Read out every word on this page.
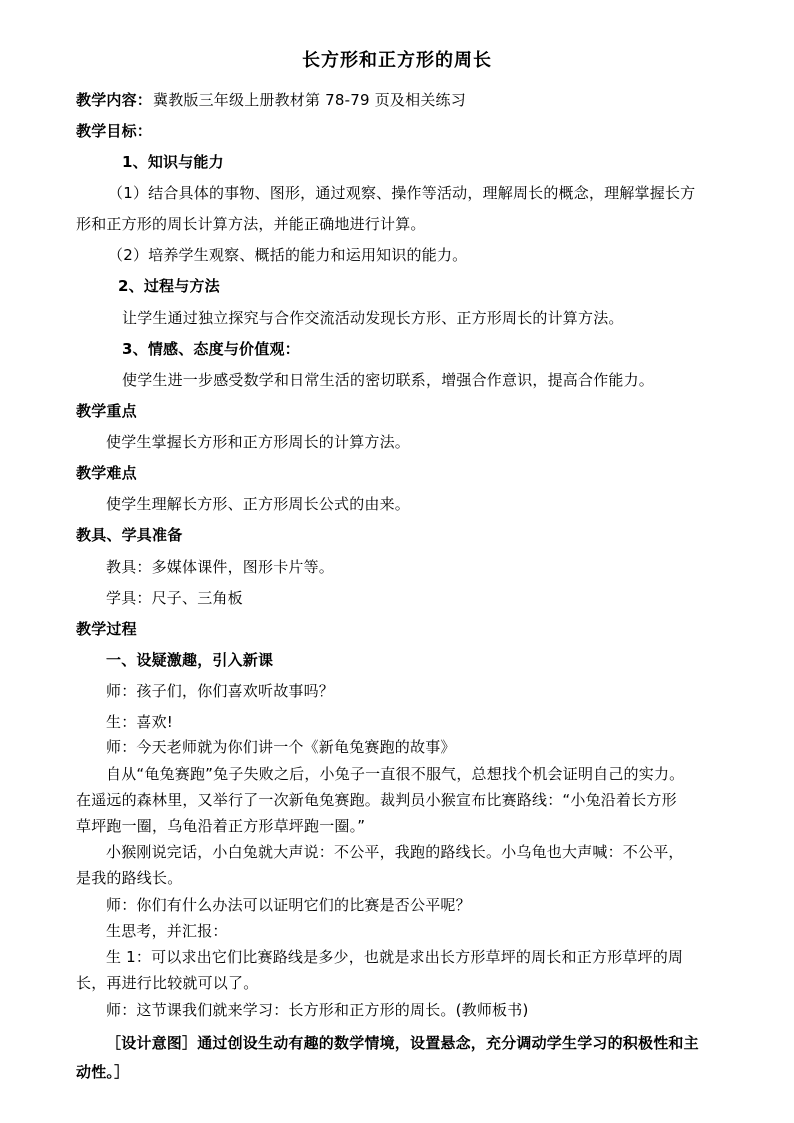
长方形和正方形的周长
教学内容： 冀教版三年级上册教材第 78-79 页及相关练习
教学目标：
1、知识与能力
（1）结合具体的事物、图形，通过观察、操作等活动，理解周长的概念，理解掌握长方
形和正方形的周长计算方法，并能正确地进行计算。
（2）培养学生观察、概括的能力和运用知识的能力。
2、过程与方法
让学生通过独立探究与合作交流活动发现长方形、正方形周长的计算方法。
3、情感、态度与价值观：
使学生进一步感受数学和日常生活的密切联系，增强合作意识，提高合作能力。
教学重点
使学生掌握长方形和正方形周长的计算方法。
教学难点
使学生理解长方形、正方形周长公式的由来。
教具、学具准备
教具：多媒体课件，图形卡片等。
学具：尺子、三角板
教学过程
一、设疑激趣，引入新课
师：孩子们，你们喜欢听故事吗？
生：喜欢!
师：今天老师就为你们讲一个《新龟兔赛跑的故事》
自从“龟兔赛跑”兔子失败之后，小兔子一直很不服气，总想找个机会证明自己的实力。
在遥远的森林里，又举行了一次新龟兔赛跑。裁判员小猴宣布比赛路线：“小兔沿着长方形
草坪跑一圈，乌龟沿着正方形草坪跑一圈。”
小猴刚说完话，小白兔就大声说：不公平，我跑的路线长。小乌龟也大声喊：不公平，
是我的路线长。
师：你们有什么办法可以证明它们的比赛是否公平呢？
生思考，并汇报：
生 1：可以求出它们比赛路线是多少，也就是求出长方形草坪的周长和正方形草坪的周
长，再进行比较就可以了。
师：这节课我们就来学习：长方形和正方形的周长。(教师板书)
［设计意图］通过创设生动有趣的数学情境，设置悬念，充分调动学生学习的积极性和主
动性。］
